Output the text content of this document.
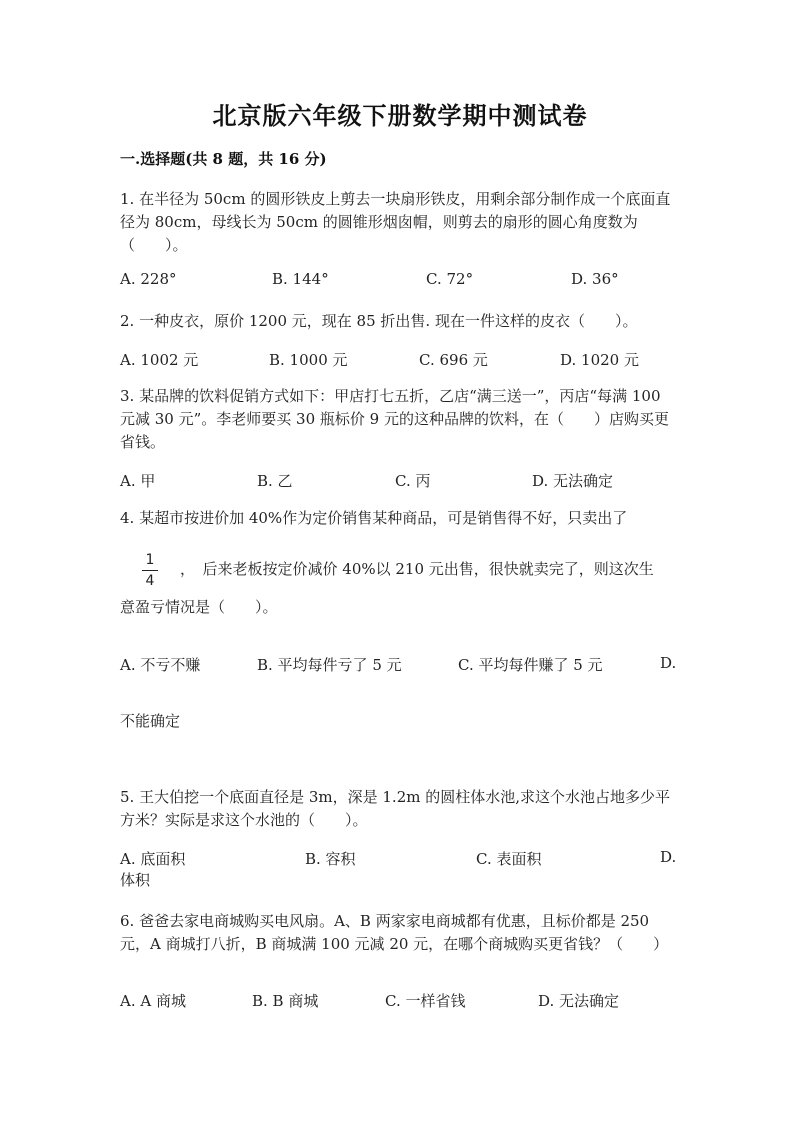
北京版六年级下册数学期中测试卷
一.选择题(共 8 题，共 16 分)
1. 在半径为 50cm 的圆形铁皮上剪去一块扇形铁皮，用剩余部分制作成一个底面直径为 80cm，母线长为 50cm 的圆锥形烟囱帽，则剪去的扇形的圆心角度数为（　　）。
A. 228°	B. 144°	C. 72°	D. 36°
2. 一种皮衣，原价 1200 元，现在 85 折出售. 现在一件这样的皮衣（　　）。
A. 1002 元	B. 1000 元	C. 696 元	D. 1020 元
3. 某品牌的饮料促销方式如下：甲店打七五折，乙店“满三送一”，丙店“每满 100 元减 30 元”。李老师要买 30 瓶标价 9 元的这种品牌的饮料，在（　　）店购买更省钱。
A. 甲	B. 乙	C. 丙	D. 无法确定
4. 某超市按进价加 40%作为定价销售某种商品，可是销售得不好，只卖出了
1
4
，　后来老板按定价减价 40%以 210 元出售，很快就卖完了，则这次生
意盈亏情况是（　　）。
A. 不亏不赚	B. 平均每件亏了 5 元	C. 平均每件赚了 5 元	D.
不能确定
5. 王大伯挖一个底面直径是 3m，深是 1.2m 的圆柱体水池,求这个水池占地多少平方米？实际是求这个水池的（　　）。
A. 底面积	B. 容积	C. 表面积	D.
体积
6. 爸爸去家电商城购买电风扇。A、B 两家家电商城都有优惠，且标价都是 250 元，A 商城打八折，B 商城满 100 元减 20 元，在哪个商城购买更省钱？（　　）
A. A 商城	B. B 商城	C. 一样省钱	D. 无法确定
